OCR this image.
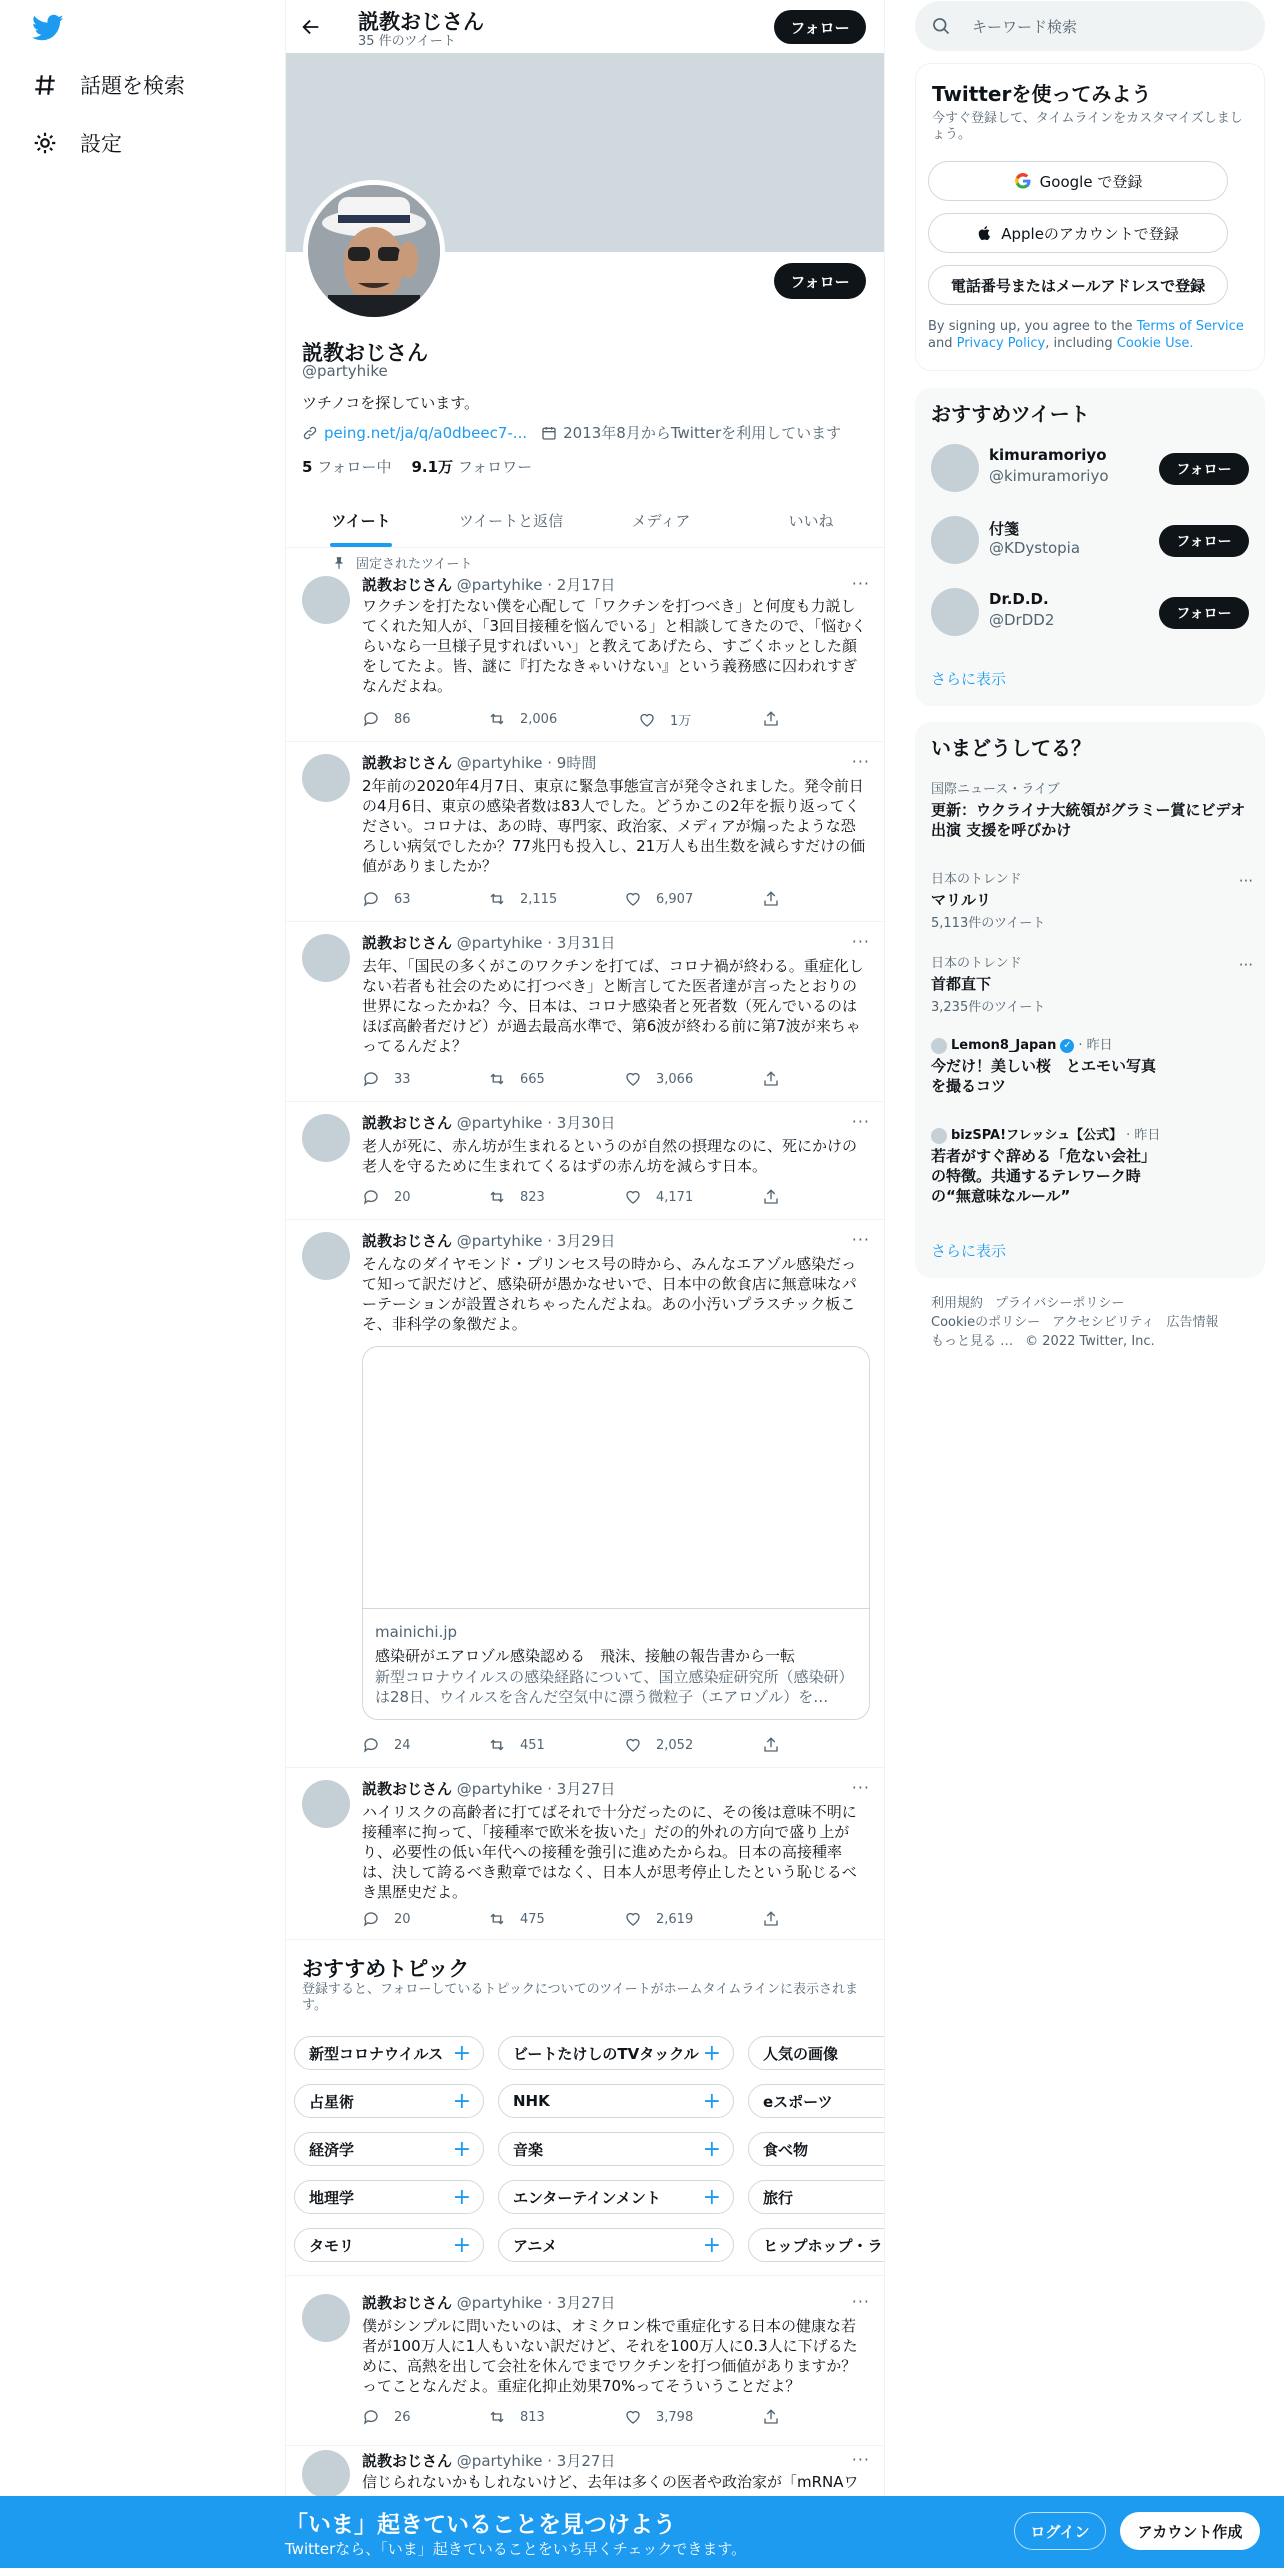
話題を検索
設定
説教おじさん
35 件のツイート
フォロー
フォロー
説教おじさん
@partyhike
ツチノコを探しています。
peing.net/ja/q/a0dbeec7-... 2013年8月からTwitterを利用しています
5 フォロー中 9.1万 フォロワー
ツイート	ツイートと返信	メディア	いいね
固定されたツイート
説教おじさん @partyhike · 2月17日	···
ワクチンを打たない僕を心配して「ワクチンを打つべき」と何度も力説してくれた知人が、「3回目接種を悩んでいる」と相談してきたので、「悩むくらいなら一旦様子見すればいい」と教えてあげたら、すごくホッとした顔をしてたよ。皆、謎に『打たなきゃいけない』という義務感に囚われすぎなんだよね。
86	2,006	1万
説教おじさん @partyhike · 9時間	···
2年前の2020年4月7日、東京に緊急事態宣言が発令されました。発令前日の4月6日、東京の感染者数は83人でした。どうかこの2年を振り返ってください。コロナは、あの時、専門家、政治家、メディアが煽ったような恐ろしい病気でしたか？77兆円も投入し、21万人も出生数を減らすだけの価値がありましたか？
63	2,115	6,907
説教おじさん @partyhike · 3月31日	···
去年、「国民の多くがこのワクチンを打てば、コロナ禍が終わる。重症化しない若者も社会のために打つべき」と断言してた医者達が言ったとおりの世界になったかね？今、日本は、コロナ感染者と死者数（死んでいるのはほぼ高齢者だけど）が過去最高水準で、第6波が終わる前に第7波が来ちゃってるんだよ？
33	665	3,066
説教おじさん @partyhike · 3月30日	···
老人が死に、赤ん坊が生まれるというのが自然の摂理なのに、死にかけの老人を守るために生まれてくるはずの赤ん坊を減らす日本。
20	823	4,171
説教おじさん @partyhike · 3月29日	···
そんなのダイヤモンド・プリンセス号の時から、みんなエアゾル感染だって知って訳だけど、感染研が愚かなせいで、日本中の飲食店に無意味なパーテーションが設置されちゃったんだよね。あの小汚いプラスチック板こそ、非科学の象徴だよ。
mainichi.jp
感染研がエアロゾル感染認める　飛沫、接触の報告書から一転
新型コロナウイルスの感染経路について、国立感染症研究所（感染研）は28日、ウイルスを含んだ空気中に漂う微粒子（エアロゾル）を…
24	451	2,052
説教おじさん @partyhike · 3月27日	···
ハイリスクの高齢者に打てばそれで十分だったのに、その後は意味不明に接種率に拘って、「接種率で欧米を抜いた」だの的外れの方向で盛り上がり、必要性の低い年代への接種を強引に進めたからね。日本の高接種率は、決して誇るべき勲章ではなく、日本人が思考停止したという恥じるべき黒歴史だよ。
20	475	2,619
おすすめトピック
登録すると、フォローしているトピックについてのツイートがホームタイムラインに表示されます。
新型コロナウイルス +	ビートたけしのTVタックル +	人気の画像
占星術	+	NHK	+	eスポーツ
経済学	+	音楽	+	食べ物
地理学	+	エンターテインメント +	旅行
タモリ	+	アニメ	+	ヒップホップ・ラ
説教おじさん @partyhike · 3月27日	···
僕がシンプルに問いたいのは、オミクロン株で重症化する日本の健康な若者が100万人に1人もいない訳だけど、それを100万人に0.3人に下げるために、高熱を出して会社を休んでまでワクチンを打つ価値がありますか？ってことなんだよ。重症化抑止効果70%ってそういうことだよ？
26	813	3,798
説教おじさん @partyhike · 3月27日	···
信じられないかもしれないけど、去年は多くの医者や政治家が「mRNAワ
キーワード検索
Twitterを使ってみよう
今すぐ登録して、タイムラインをカスタマイズしましょう。
Google で登録
Appleのアカウントで登録
電話番号またはメールアドレスで登録
By signing up, you agree to the Terms of Service and Privacy Policy, including Cookie Use.
おすすめツイート
kimuramoriyo
@kimuramoriyo	フォロー
付箋
@KDystopia	フォロー
Dr.D.D.
@DrDD2	フォロー
さらに表示
いまどうしてる？
国際ニュース・ライブ
更新：ウクライナ大統領がグラミー賞にビデオ出演 支援を呼びかけ
日本のトレンド
マリルリ
5,113件のツイート
···
日本のトレンド
首都直下
3,235件のツイート
···
Lemon8_Japan ✓ · 昨日
今だけ！美しい桜　とエモい写真を撮るコツ
bizSPA!フレッシュ【公式】 · 昨日
若者がすぐ辞める「危ない会社」の特徴。共通するテレワーク時の“無意味なルール”
さらに表示
利用規約 プライバシーポリシー
Cookieのポリシー アクセシビリティ 広告情報
もっと見る … © 2022 Twitter, Inc.
「いま」起きていることを見つけよう
Twitterなら、「いま」起きていることをいち早くチェックできます。
ログイン	アカウント作成
